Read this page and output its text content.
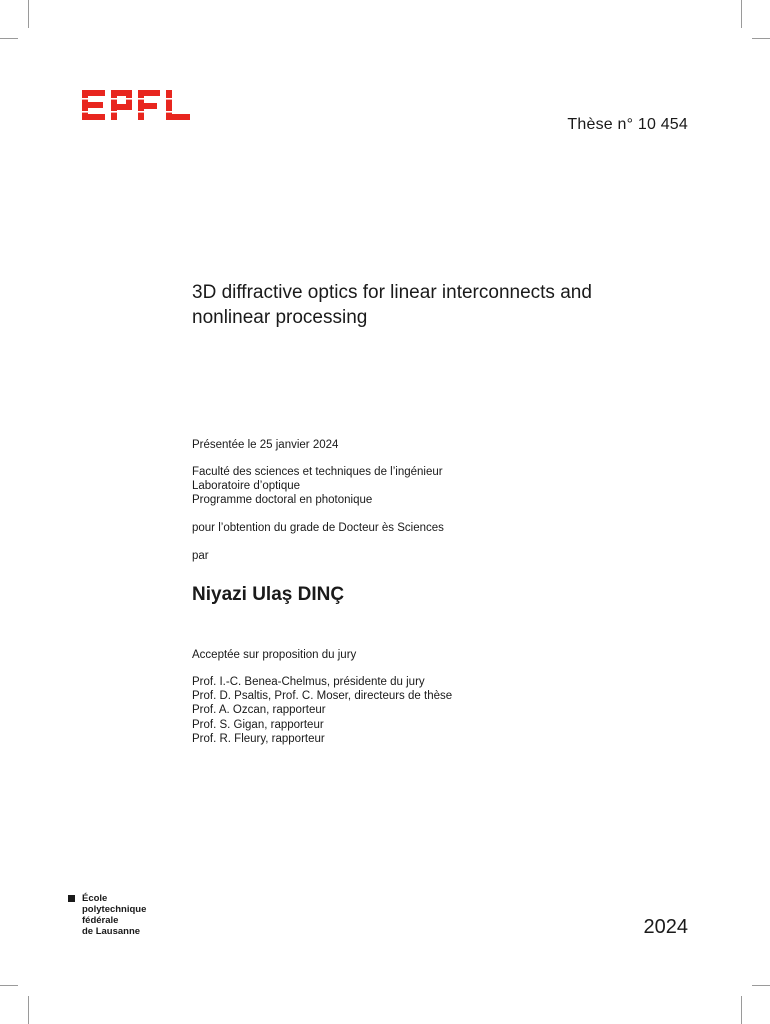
Thèse n° 10 454
3D diffractive optics for linear interconnects and
nonlinear processing
Présentée le 25 janvier 2024
Faculté des sciences et techniques de l’ingénieur
Laboratoire d’optique
Programme doctoral en photonique
pour l’obtention du grade de Docteur ès Sciences
par
Niyazi Ulaş DINÇ
Acceptée sur proposition du jury
Prof. I.-C. Benea-Chelmus, présidente du jury
Prof. D. Psaltis, Prof. C. Moser, directeurs de thèse
Prof. A. Ozcan, rapporteur
Prof. S. Gigan, rapporteur
Prof. R. Fleury, rapporteur
École
polytechnique
fédérale
de Lausanne	2024
